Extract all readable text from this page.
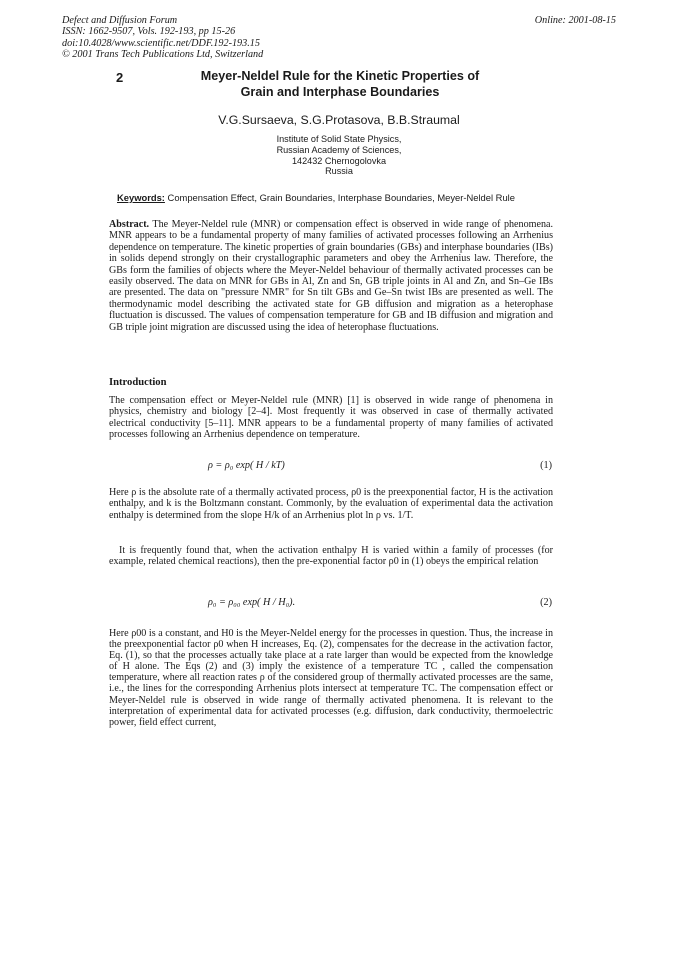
Defect and Diffusion Forum
ISSN: 1662-9507, Vols. 192-193, pp 15-26
doi:10.4028/www.scientific.net/DDF.192-193.15
© 2001 Trans Tech Publications Ltd, Switzerland
Online: 2001-08-15
2	Meyer-Neldel Rule for the Kinetic Properties of
Grain and Interphase Boundaries
V.G.Sursaeva, S.G.Protasova, B.B.Straumal
Institute of Solid State Physics,
Russian Academy of Sciences,
142432 Chernogolovka
Russia
Keywords: Compensation Effect, Grain Boundaries, Interphase Boundaries, Meyer-Neldel Rule
Abstract. The Meyer-Neldel rule (MNR) or compensation effect is observed in wide range of phenomena. MNR appears to be a fundamental property of many families of activated processes following an Arrhenius dependence on temperature. The kinetic properties of grain boundaries (GBs) and interphase boundaries (IBs) in solids depend strongly on their crystallographic parameters and obey the Arrhenius law. Therefore, the GBs form the families of objects where the Meyer-Neldel behaviour of thermally activated processes can be easily observed. The data on MNR for GBs in Al, Zn and Sn, GB triple joints in Al and Zn, and Sn–Ge IBs are presented. The data on "pressure NMR" for Sn tilt GBs and Ge–Sn twist IBs are presented as well. The thermodynamic model describing the activated state for GB diffusion and migration as a heterophase fluctuation is discussed. The values of compensation temperature for GB and IB diffusion and migration and GB triple joint migration are discussed using the idea of heterophase fluctuations.
Introduction
The compensation effect or Meyer-Neldel rule (MNR) [1] is observed in wide range of phenomena in physics, chemistry and biology [2–4]. Most frequently it was observed in case of thermally activated electrical conductivity [5–11]. MNR appears to be a fundamental property of many families of activated processes following an Arrhenius dependence on temperature.
ρ = ρ₀ exp( H / kT)	(1)
Here ρ is the absolute rate of a thermally activated process, ρ0 is the preexponential factor, H is the activation enthalpy, and k is the Boltzmann constant. Commonly, by the evaluation of experimental data the activation enthalpy is determined from the slope H/k of an Arrhenius plot ln ρ vs. 1/T.
It is frequently found that, when the activation enthalpy H is varied within a family of processes (for example, related chemical reactions), then the pre-exponential factor ρ0 in (1) obeys the empirical relation
ρ₀ = ρ₀₀ exp( H / H₀).	(2)
Here ρ00 is a constant, and H0 is the Meyer-Neldel energy for the processes in question. Thus, the increase in the preexponential factor ρ0 when H increases, Eq. (2), compensates for the decrease in the activation factor, Eq. (1), so that the processes actually take place at a rate larger than would be expected from the knowledge of H alone. The Eqs (2) and (3) imply the existence of a temperature TC , called the compensation temperature, where all reaction rates ρ of the considered group of thermally activated processes are the same, i.e., the lines for the corresponding Arrhenius plots intersect at temperature TC. The compensation effect or Meyer-Neldel rule is observed in wide range of thermally activated phenomena. It is relevant to the interpretation of experimental data for activated processes (e.g. diffusion, dark conductivity, thermoelectric power, field effect current,
